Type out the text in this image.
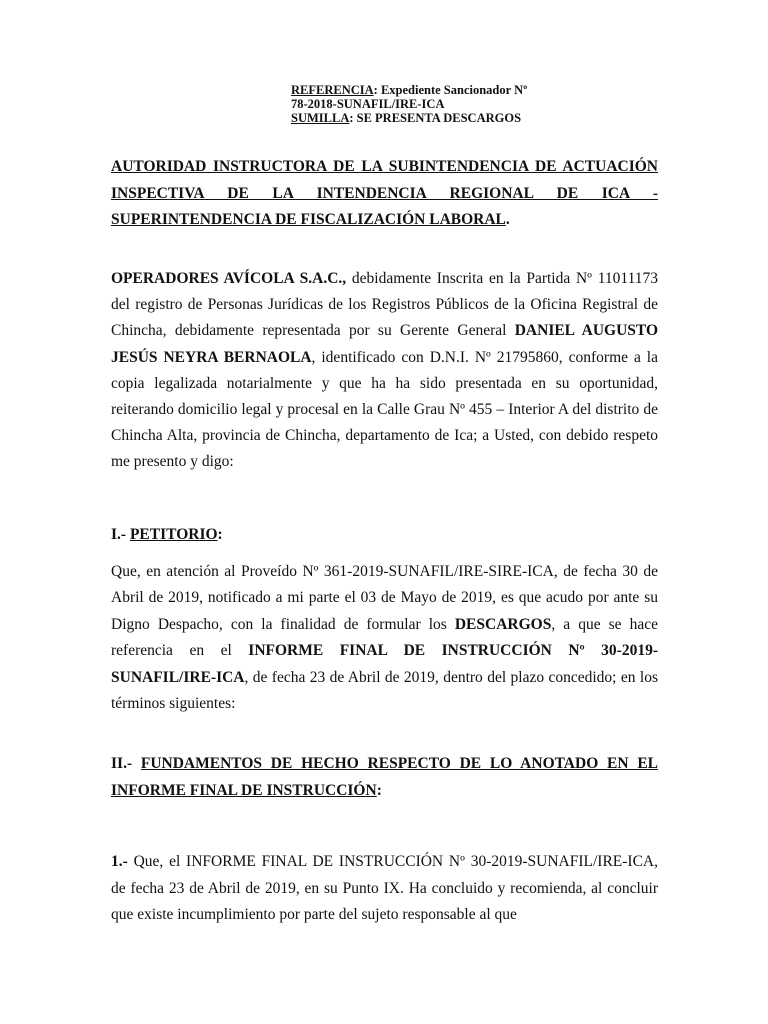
REFERENCIA: Expediente Sancionador Nº
78-2018-SUNAFIL/IRE-ICA
SUMILLA: SE PRESENTA DESCARGOS
AUTORIDAD INSTRUCTORA DE LA SUBINTENDENCIA DE ACTUACIÓN INSPECTIVA DE LA INTENDENCIA REGIONAL DE ICA - SUPERINTENDENCIA DE FISCALIZACIÓN LABORAL.
OPERADORES AVÍCOLA S.A.C., debidamente Inscrita en la Partida Nº 11011173 del registro de Personas Jurídicas de los Registros Públicos de la Oficina Registral de Chincha, debidamente representada por su Gerente General DANIEL AUGUSTO JESÚS NEYRA BERNAOLA, identificado con D.N.I. Nº 21795860, conforme a la copia legalizada notarialmente y que ha ha sido presentada en su oportunidad, reiterando domicilio legal y procesal en la Calle Grau Nº 455 – Interior A del distrito de Chincha Alta, provincia de Chincha, departamento de Ica; a Usted, con debido respeto me presento y digo:
I.- PETITORIO:
Que, en atención al Proveído Nº 361-2019-SUNAFIL/IRE-SIRE-ICA, de fecha 30 de Abril de 2019, notificado a mi parte el 03 de Mayo de 2019, es que acudo por ante su Digno Despacho, con la finalidad de formular los DESCARGOS, a que se hace referencia en el INFORME FINAL DE INSTRUCCIÓN Nº 30-2019-SUNAFIL/IRE-ICA, de fecha 23 de Abril de 2019, dentro del plazo concedido; en los términos siguientes:
II.- FUNDAMENTOS DE HECHO RESPECTO DE LO ANOTADO EN EL INFORME FINAL DE INSTRUCCIÓN:
1.- Que, el INFORME FINAL DE INSTRUCCIÓN Nº 30-2019-SUNAFIL/IRE-ICA, de fecha 23 de Abril de 2019, en su Punto IX. Ha concluido y recomienda, al concluir que existe incumplimiento por parte del sujeto responsable al que
